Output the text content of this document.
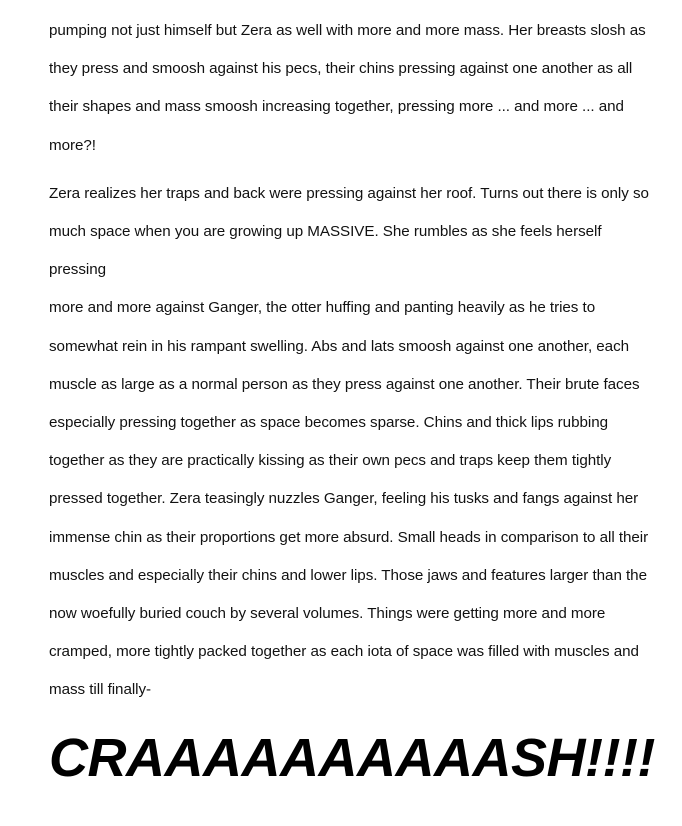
pumping not just himself but Zera as well with more and more mass. Her breasts slosh as
they press and smoosh against his pecs, their chins pressing against one another as all
their shapes and mass smoosh increasing together, pressing more ... and more ... and
more?!

Zera realizes her traps and back were pressing against her roof. Turns out there is only so
much space when you are growing up MASSIVE. She rumbles as she feels herself pressing
more and more against Ganger, the otter huffing and panting heavily as he tries to
somewhat rein in his rampant swelling. Abs and lats smoosh against one another, each
muscle as large as a normal person as they press against one another. Their brute faces
especially pressing together as space becomes sparse. Chins and thick lips rubbing
together as they are practically kissing as their own pecs and traps keep them tightly
pressed together. Zera teasingly nuzzles Ganger, feeling his tusks and fangs against her
immense chin as their proportions get more absurd. Small heads in comparison to all their
muscles and especially their chins and lower lips. Those jaws and features larger than the
now woefully buried couch by several volumes. Things were getting more and more
cramped, more tightly packed together as each iota of space was filled with muscles and
mass till finally-

CRAAAAAAAAAASH!!!!
